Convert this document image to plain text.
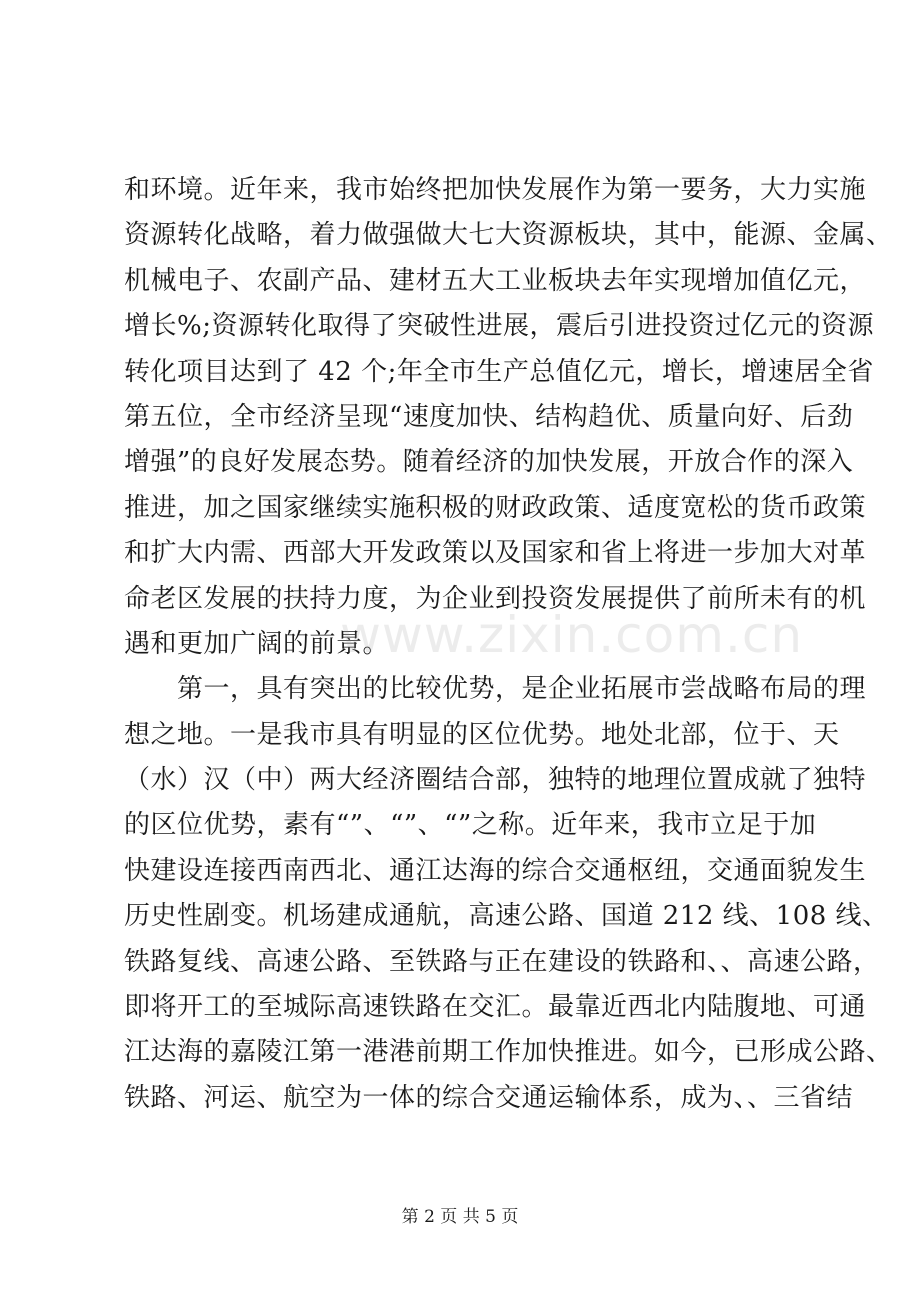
和环境。近年来，我市始终把加快发展作为第一要务，大力实施
资源转化战略，着力做强做大七大资源板块，其中，能源、金属、
机械电子、农副产品、建材五大工业板块去年实现增加值亿元，
增长%;资源转化取得了突破性进展，震后引进投资过亿元的资源
转化项目达到了 42 个;年全市生产总值亿元，增长，增速居全省
第五位，全市经济呈现“速度加快、结构趋优、质量向好、后劲
增强”的良好发展态势。随着经济的加快发展，开放合作的深入
推进，加之国家继续实施积极的财政政策、适度宽松的货币政策
和扩大内需、西部大开发政策以及国家和省上将进一步加大对革
命老区发展的扶持力度，为企业到投资发展提供了前所未有的机
遇和更加广阔的前景。
　　第一，具有突出的比较优势，是企业拓展市尝战略布局的理
想之地。一是我市具有明显的区位优势。地处北部，位于、天
（水）汉（中）两大经济圈结合部，独特的地理位置成就了独特
的区位优势，素有“”、“”、“”之称。近年来，我市立足于加
快建设连接西南西北、通江达海的综合交通枢纽，交通面貌发生
历史性剧变。机场建成通航，高速公路、国道 212 线、108 线、
铁路复线、高速公路、至铁路与正在建设的铁路和、、高速公路，
即将开工的至城际高速铁路在交汇。最靠近西北内陆腹地、可通
江达海的嘉陵江第一港港前期工作加快推进。如今，已形成公路、
铁路、河运、航空为一体的综合交通运输体系，成为、、三省结
www.zixin.com.cn
第 2 页 共 5 页
